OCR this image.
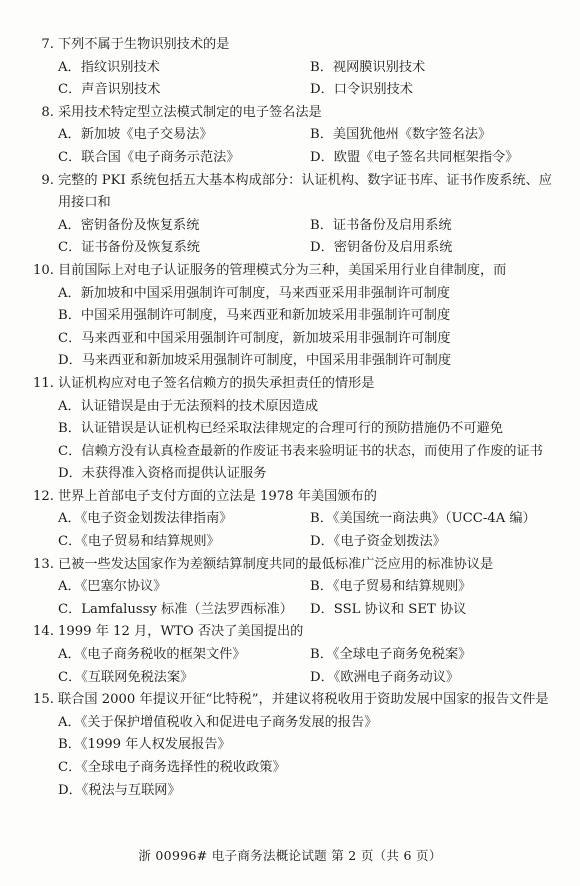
7. 下列不属于生物识别技术的是
A．指纹识别技术	B．视网膜识别技术
C．声音识别技术	D．口令识别技术
8. 采用技术特定型立法模式制定的电子签名法是
A．新加坡《电子交易法》	B．美国犹他州《数字签名法》
C．联合国《电子商务示范法》	D．欧盟《电子签名共同框架指令》
9. 完整的 PKI 系统包括五大基本构成部分：认证机构、数字证书库、证书作废系统、应用接口和
A．密钥备份及恢复系统	B．证书备份及启用系统
C．证书备份及恢复系统	D．密钥备份及启用系统
10. 目前国际上对电子认证服务的管理模式分为三种，美国采用行业自律制度，而
A．新加坡和中国采用强制许可制度，马来西亚采用非强制许可制度
B．中国采用强制许可制度，马来西亚和新加坡采用非强制许可制度
C．马来西亚和中国采用强制许可制度，新加坡采用非强制许可制度
D．马来西亚和新加坡采用强制许可制度，中国采用非强制许可制度
11. 认证机构应对电子签名信赖方的损失承担责任的情形是
A．认证错误是由于无法预料的技术原因造成
B．认证错误是认证机构已经采取法律规定的合理可行的预防措施仍不可避免
C．信赖方没有认真检查最新的作废证书表来验明证书的状态，而使用了作废的证书
D．未获得准入资格而提供认证服务
12. 世界上首部电子支付方面的立法是 1978 年美国颁布的
A．《电子资金划拨法律指南》	B．《美国统一商法典》（UCC-4A 编）
C．《电子贸易和结算规则》	D．《电子资金划拨法》
13. 已被一些发达国家作为差额结算制度共同的最低标准广泛应用的标准协议是
A．《巴塞尔协议》	B．《电子贸易和结算规则》
C．Lamfalussy 标准（兰法罗西标准）	D．SSL 协议和 SET 协议
14. 1999 年 12 月，WTO 否决了美国提出的
A．《电子商务税收的框架文件》	B．《全球电子商务免税案》
C．《互联网免税法案》	D．《欧洲电子商务动议》
15. 联合国 2000 年提议开征“比特税”，并建议将税收用于资助发展中国家的报告文件是
A．《关于保护增值税收入和促进电子商务发展的报告》
B．《1999 年人权发展报告》
C．《全球电子商务选择性的税收政策》
D．《税法与互联网》
浙 00996# 电子商务法概论试题 第 2 页（共 6 页）
